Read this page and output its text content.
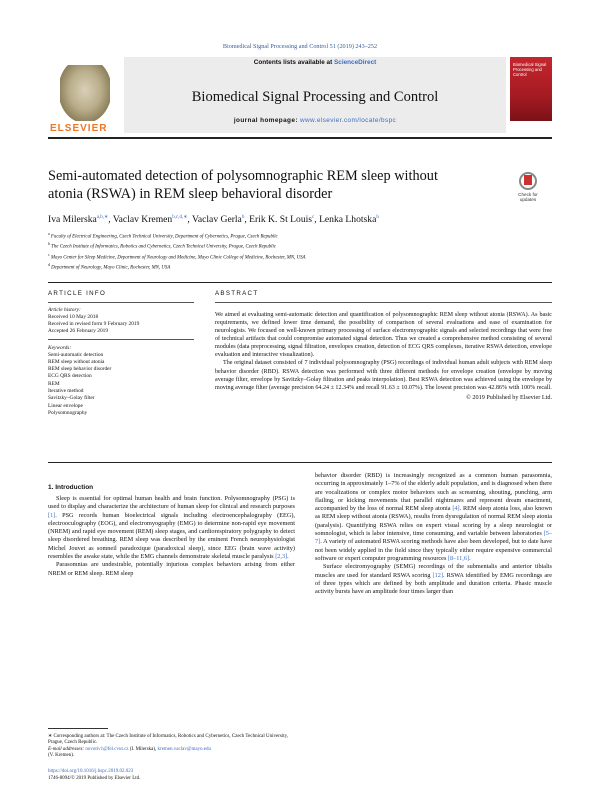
Biomedical Signal Processing and Control 51 (2019) 243–252
ELSEVIER
Contents lists available at ScienceDirect
Biomedical Signal Processing and Control
journal homepage: www.elsevier.com/locate/bspc
Biomedical Signal Processing and Control
Semi-automated detection of polysomnographic REM sleep without atonia (RSWA) in REM sleep behavioral disorder	Check for updates
Iva Milerska$^{a,b,∗}$, Vaclav Kremen$^{b,c,d,∗}$, Vaclav Gerla$^b$, Erik K. St Louis$^c$, Lenka Lhotska$^b$
$^a$ Faculty of Electrical Engineering, Czech Technical University, Department of Cybernetics, Prague, Czech Republic
$^b$ The Czech Institute of Informatics, Robotics and Cybernetics, Czech Technical University, Prague, Czech Republic
$^c$ Mayo Center for Sleep Medicine, Department of Neurology and Medicine, Mayo Clinic College of Medicine, Rochester, MN, USA
$^d$ Department of Neurology, Mayo Clinic, Rochester, MN, USA
ARTICLE INFO
Article history:
Received 10 May 2018
Received in revised form 9 February 2019
Accepted 26 February 2019
Keywords:
Semi-automatic detection
REM sleep without atonia
REM sleep behavior disorder
ECG QRS detection
REM
Iterative method
Savitzky–Golay filter
Linear envelope
Polysomnography
ABSTRACT

We aimed at evaluating semi-automatic detection and quantification of polysomnographic REM sleep without atonia (RSWA). As basic requirements, we defined lower time demand, the possibility of comparison of several evaluations and ease of examination for neurologists. We focused on well-known primary processing of surface electromyographic signals and selected recordings that were free of technical artifacts that could compromise automated signal detection. Thus we created a comprehensive method consisting of several modules (data preprocessing, signal filtration, envelopes creation, detection of ECG QRS complexes, iterative RSWA detection, envelope evaluation and interactive visualization).

The original dataset consisted of 7 individual polysomnography (PSG) recordings of individual human adult subjects with REM sleep behavior disorder (RBD). RSWA detection was performed with three different methods for envelope creation (envelope by moving average filter, envelope by Savitzky–Golay filtration and peaks interpolation). Best RSWA detection was achieved using the envelope by moving average filter (average precision 64.24 ± 12.34% and recall 91.63 ± 10.07%). The lowest precision was 42.86% with 100% recall.

© 2019 Published by Elsevier Ltd.
1. Introduction

Sleep is essential for optimal human health and brain function. Polysomnography (PSG) is used to display and characterize the architecture of human sleep for clinical and research purposes [1]. PSG records human bioelectrical signals including electroencephalography (EEG), electrooculography (EOG), and electromyography (EMG) to determine non-rapid eye movement (NREM) and rapid eye movement (REM) sleep stages, and cardiorespiratory polygraphy to detect sleep disordered breathing. REM sleep was described by the eminent French neurophysiologist Michel Jouvet as somneil paradoxique (paradoxical sleep), since EEG (brain wave activity) resembles the awake state, while the EMG channels demonstrate skeletal muscle paralysis [2,3].

Parasomnias are undesirable, potentially injurious complex behaviors arising from either NREM or REM sleep. REM sleep

behavior disorder (RBD) is increasingly recognized as a common human parasomnia, occurring in approximately 1–7% of the elderly adult population, and is diagnosed when there are vocalizations or complex motor behaviors such as screaming, shouting, punching, arm flailing, or kicking movements that parallel nightmares and represent dream enactment, accompanied by the loss of normal REM sleep atonia [4]. REM sleep atonia loss, also known as REM sleep without atonia (RSWA), results from dysregulation of normal REM sleep atonia (paralysis). Quantifying RSWA relies on expert visual scoring by a sleep neurologist or somnologist, which is labor intensive, time consuming, and variable between laboratories [5–7]. A variety of automated RSWA scoring methods have also been developed, but to date have not been widely applied in the field since they typically either require expensive commercial software or expert computer programming resources [8–11,6].

Surface electromyography (SEMG) recordings of the submentalis and anterior tibialis muscles are used for standard RSWA scoring [12]. RSWA identified by EMG recordings are of three types which are defined by both amplitude and duration criteria. Phasic muscle activity bursts have an amplitude four times larger than

∗ Corresponding authors at: The Czech Institute of Informatics, Robotics and Cybernetics, Czech Technical University, Prague, Czech Republic.
E-mail addresses: novotiv1@fel.cvut.cz (I. Milerska), kremen.vaclav@mayo.edu
(V. Kremen).
https://doi.org/10.1016/j.bspc.2019.02.023
1746-8094/© 2019 Published by Elsevier Ltd.
